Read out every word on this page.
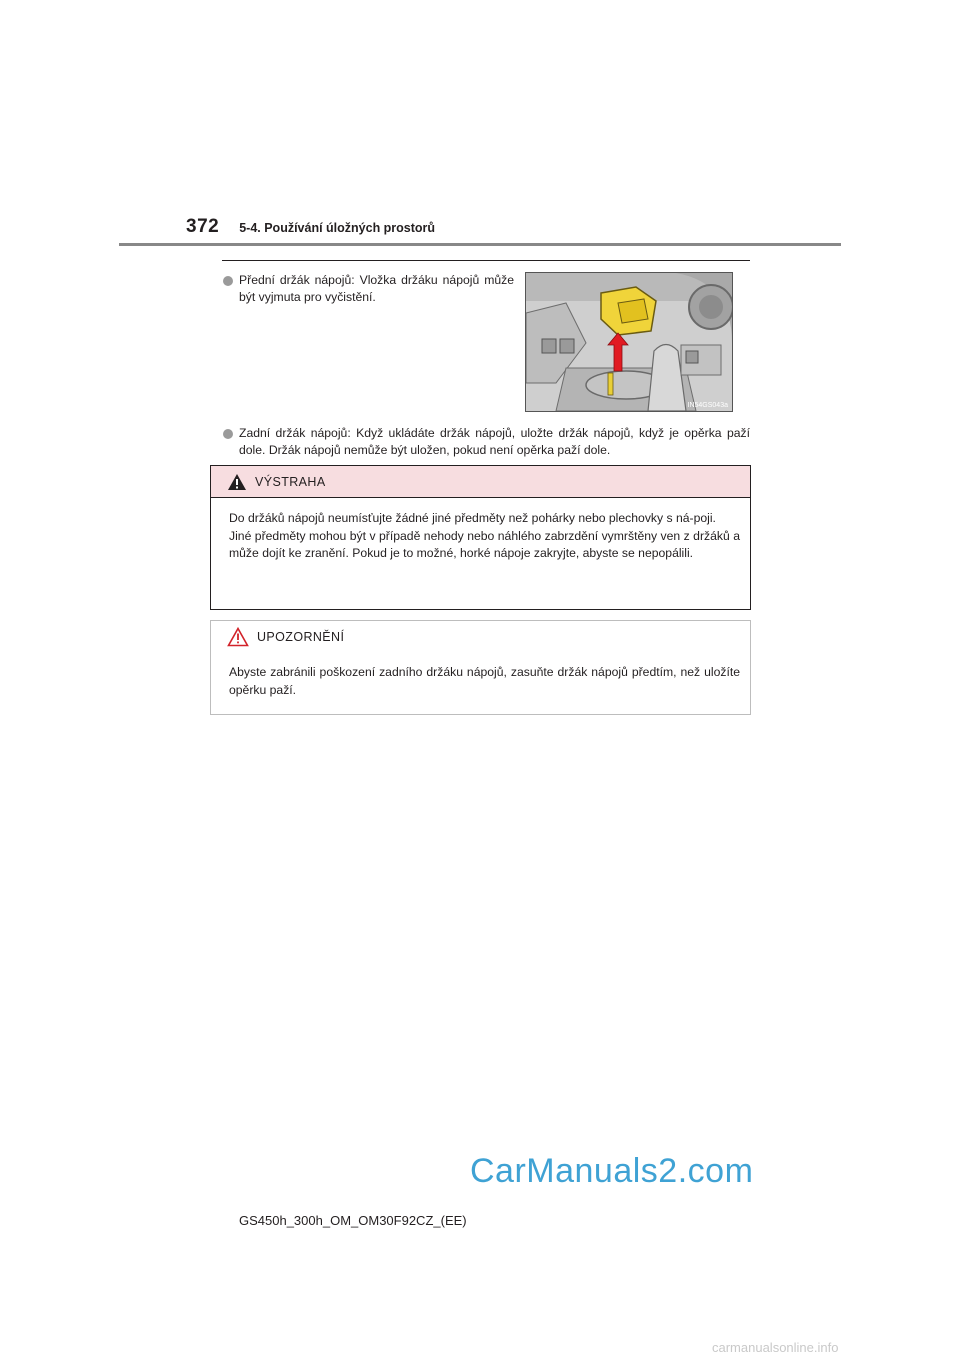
372 5-4. Používání úložných prostorů
Přední držák nápojů: Vložka držáku nápojů může být vyjmuta pro vyčistění.
IN54GS043a
Zadní držák nápojů: Když ukládáte držák nápojů, uložte držák nápojů, když je opěrka paží dole. Držák nápojů nemůže být uložen, pokud není opěrka paží dole.
VÝSTRAHA

Do držáků nápojů neumísťujte žádné jiné předměty než pohárky nebo plechovky s ná-poji.

Jiné předměty mohou být v případě nehody nebo náhlého zabrzdění vymrštěny ven z držáků a může dojít ke zranění. Pokud je to možné, horké nápoje zakryjte, abyste se nepopálili.

UPOZORNĚNÍ

Abyste zabránili poškození zadního držáku nápojů, zasuňte držák nápojů předtím, než uložíte opěrku paží.

CarManuals2.com
GS450h_300h_OM_OM30F92CZ_(EE)
carmanualsonline.info
